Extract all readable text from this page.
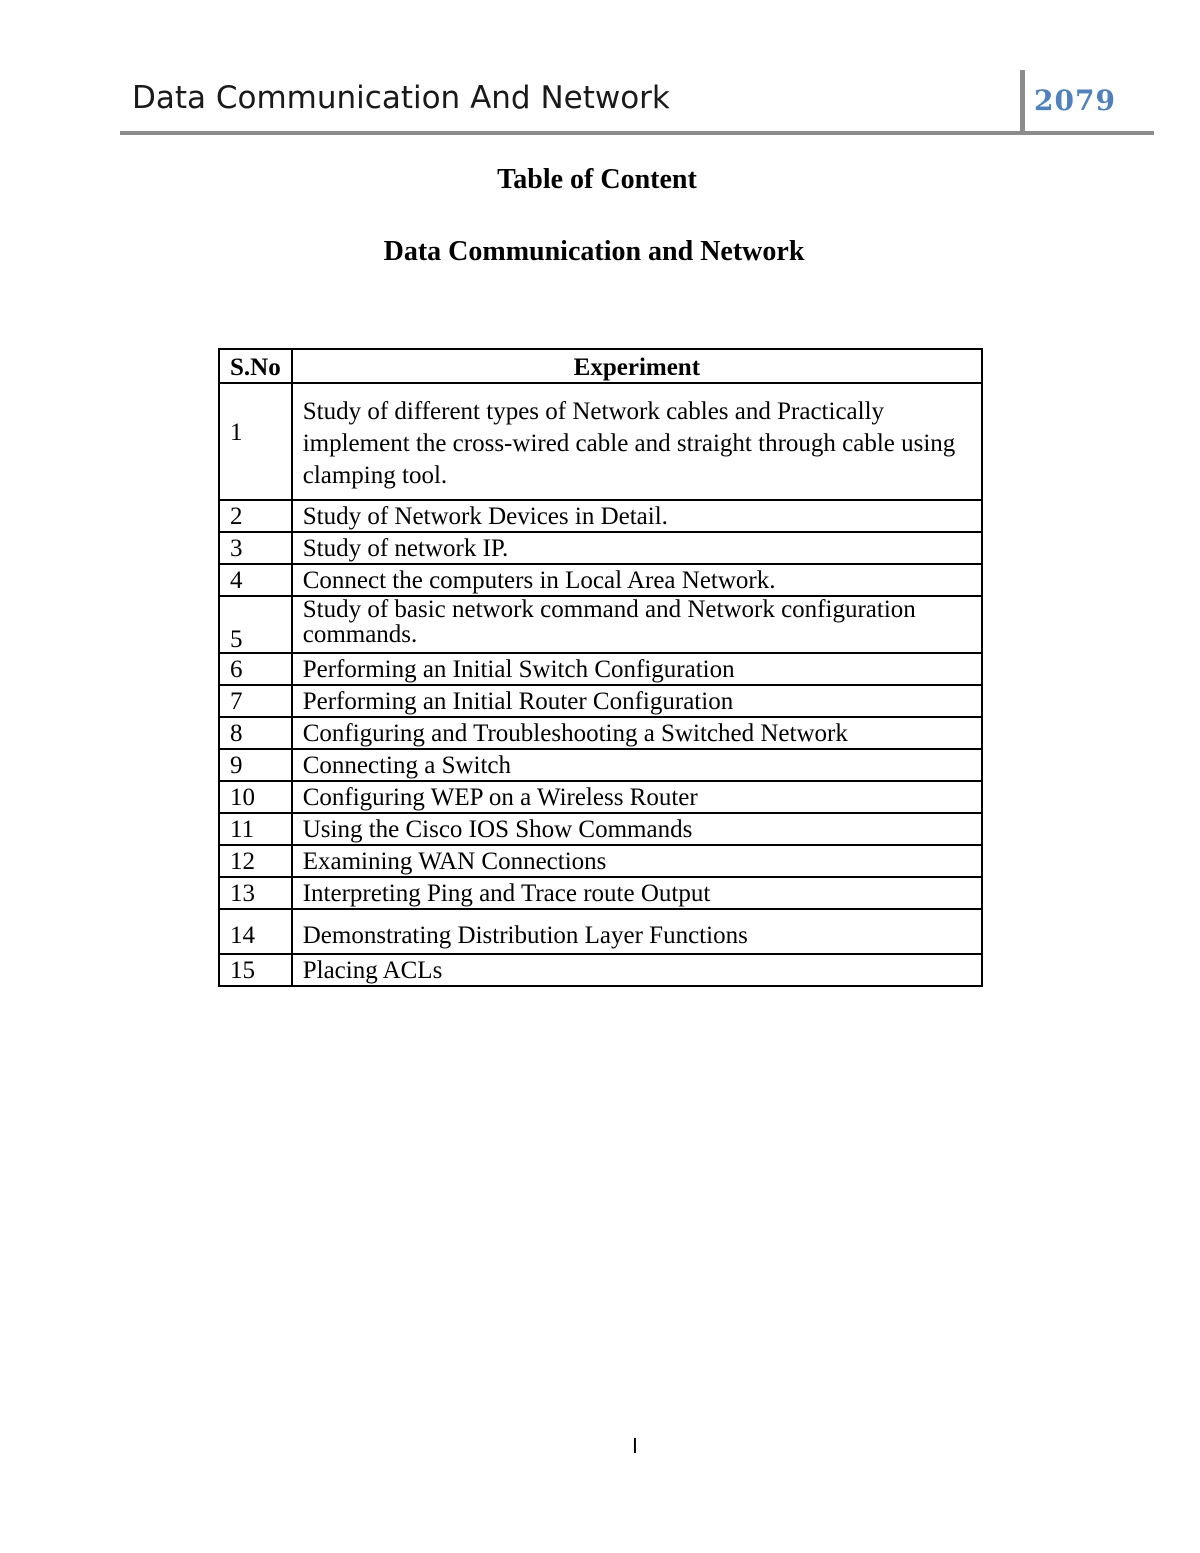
Data Communication And Network	2079
Table of Content
Data Communication and Network
S.No	Experiment
1	Study of different types of Network cables and Practically implement the cross-wired cable and straight through cable using clamping tool.
2	Study of Network Devices in Detail.
3	Study of network IP.
4	Connect the computers in Local Area Network.
5	Study of basic network command and Network configuration commands.
6	Performing an Initial Switch Configuration
7	Performing an Initial Router Configuration
8	Configuring and Troubleshooting a Switched Network
9	Connecting a Switch
10	Configuring WEP on a Wireless Router
11	Using the Cisco IOS Show Commands
12	Examining WAN Connections
13	Interpreting Ping and Trace route Output
14	Demonstrating Distribution Layer Functions
15	Placing ACLs
I
